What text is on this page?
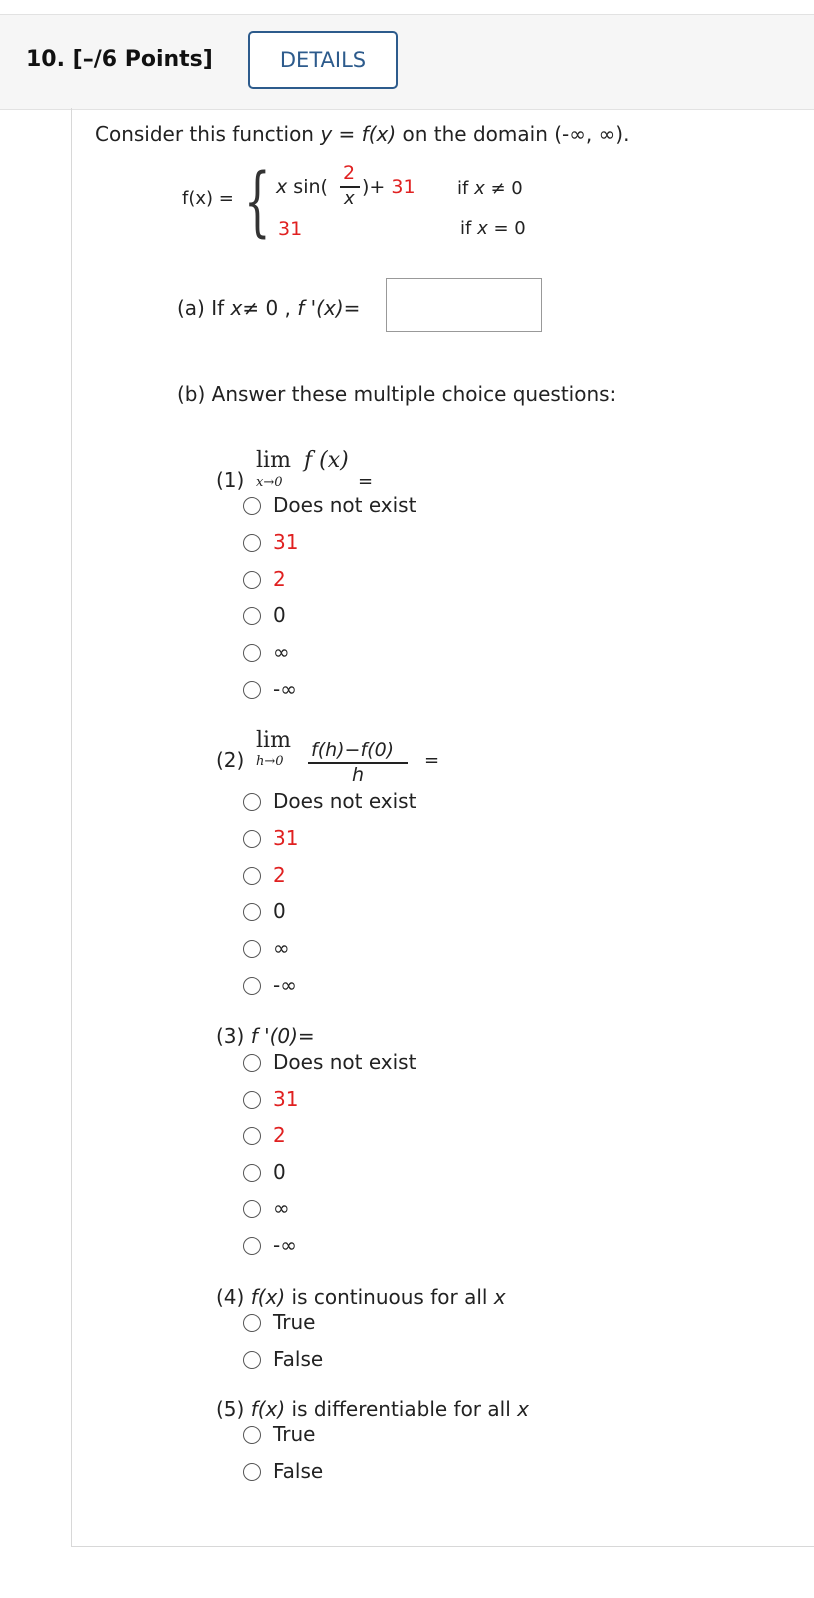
10. [–/6 Points]	DETAILS
Consider this function y = f(x) on the domain (-∞, ∞).
f(x) = { x sin(
2
x
)+ 31 if x ≠ 0
31	if x = 0
(a) If x≠ 0 , f '(x)=
(b) Answer these multiple choice questions:
lim f (x)
(1) x→0	=
Does not exist
31
2
0
∞
-∞
lim
(2) h→0
f(h)−f(0)
h
=
Does not exist
31
2
0
∞
-∞
(3) f '(0)=
Does not exist
31
2
0
∞
-∞
(4) f(x) is continuous for all x
True
False
(5) f(x) is differentiable for all x
True
False
